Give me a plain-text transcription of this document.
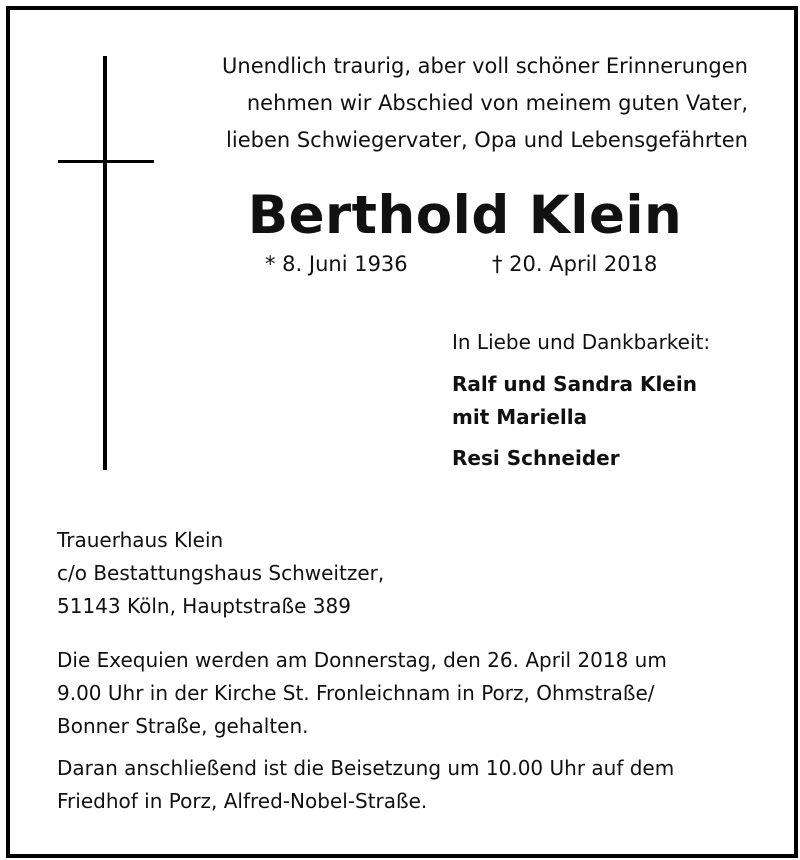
Unendlich traurig, aber voll schöner Erinnerungen
nehmen wir Abschied von meinem guten Vater,
lieben Schwiegervater, Opa und Lebensgefährten
Berthold Klein
* 8. Juni 1936	† 20. April 2018
In Liebe und Dankbarkeit:
Ralf und Sandra Klein
mit Mariella
Resi Schneider
Trauerhaus Klein
c/o Bestattungshaus Schweitzer,
51143 Köln, Hauptstraße 389
Die Exequien werden am Donnerstag, den 26. April 2018 um
9.00 Uhr in der Kirche St. Fronleichnam in Porz, Ohmstraße/
Bonner Straße, gehalten.
Daran anschließend ist die Beisetzung um 10.00 Uhr auf dem
Friedhof in Porz, Alfred-Nobel-Straße.
